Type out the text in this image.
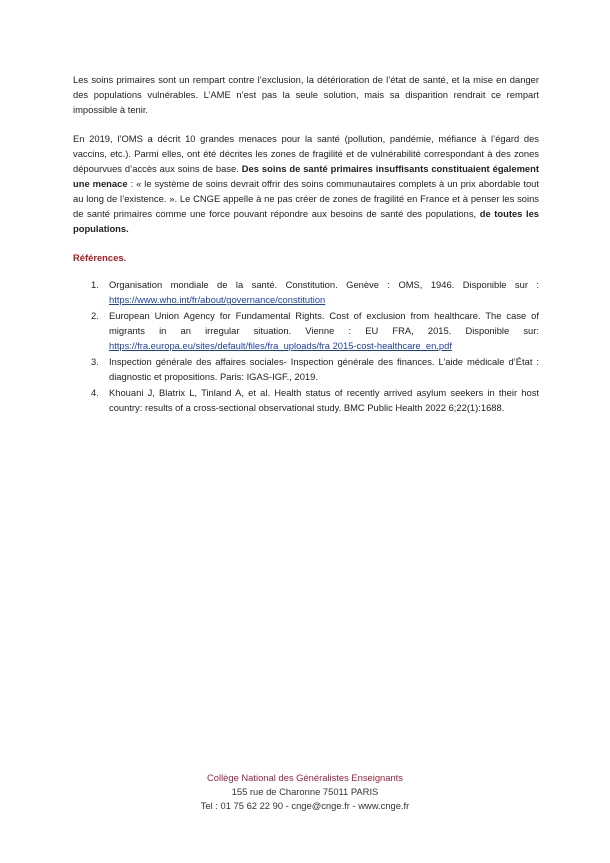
Les soins primaires sont un rempart contre l’exclusion, la détérioration de l’état de santé, et la mise en danger des populations vulnérables. L’AME n’est pas la seule solution, mais sa disparition rendrait ce rempart impossible à tenir.

En 2019, l’OMS a décrit 10 grandes menaces pour la santé (pollution, pandémie, méfiance à l’égard des vaccins, etc.). Parmi elles, ont été décrites les zones de fragilité et de vulnérabilité correspondant à des zones dépourvues d’accès aux soins de base. Des soins de santé primaires insuffisants constituaient également une menace : « le système de soins devrait offrir des soins communautaires complets à un prix abordable tout au long de l’existence. ». Le CNGE appelle à ne pas créer de zones de fragilité en France et à penser les soins de santé primaires comme une force pouvant répondre aux besoins de santé des populations, de toutes les populations.

Références.
1. Organisation mondiale de la santé. Constitution. Genève : OMS, 1946. Disponible sur : https://www.who.int/fr/about/governance/constitution
2. European Union Agency for Fundamental Rights. Cost of exclusion from healthcare. The case of migrants in an irregular situation. Vienne : EU FRA, 2015. Disponible sur: https://fra.europa.eu/sites/default/files/fra_uploads/fra 2015-cost-healthcare_en.pdf
3. Inspection générale des affaires sociales- Inspection générale des finances. L’aide médicale d’État : diagnostic et propositions. Paris: IGAS-IGF., 2019.
4. Khouani J, Blatrix L, Tinland A, et al. Health status of recently arrived asylum seekers in their host country: results of a cross-sectional observational study. BMC Public Health 2022 6;22(1):1688.
Collège National des Généralistes Enseignants
155 rue de Charonne 75011 PARIS
Tel : 01 75 62 22 90 - cnge@cnge.fr - www.cnge.fr
